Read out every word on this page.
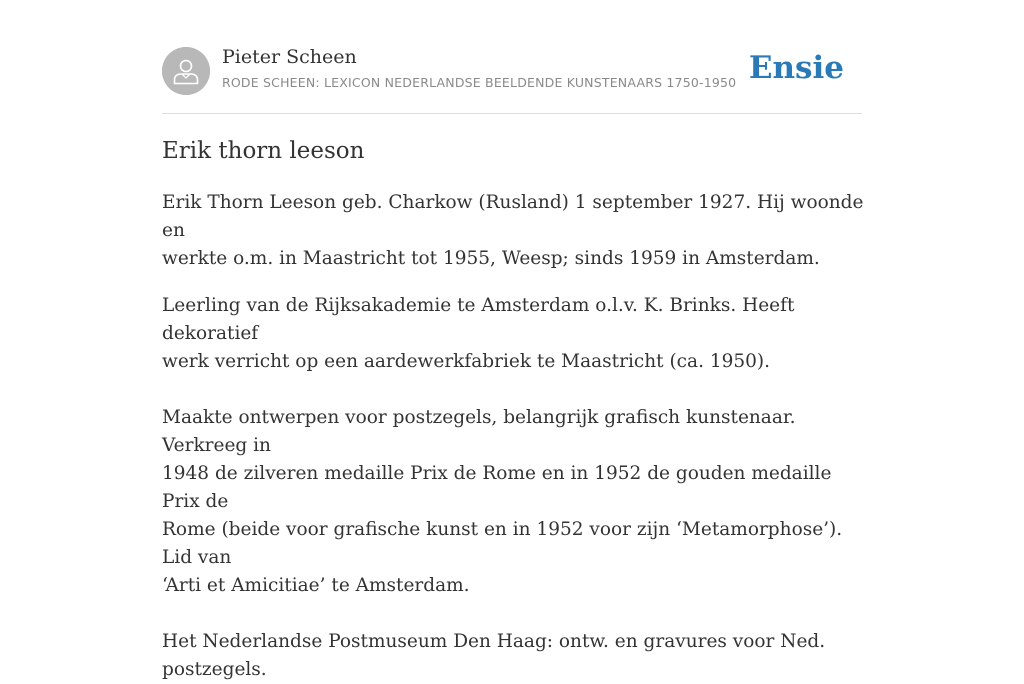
Pieter Scheen
RODE SCHEEN: LEXICON NEDERLANDSE BEELDENDE KUNSTENAARS 1750-1950 Ensie
Erik thorn leeson

Erik Thorn Leeson geb. Charkow (Rusland) 1 september 1927. Hij woonde en
werkte o.m. in Maastricht tot 1955, Weesp; sinds 1959 in Amsterdam.

Leerling van de Rijksakademie te Amsterdam o.l.v. K. Brinks. Heeft dekoratief
werk verricht op een aardewerkfabriek te Maastricht (ca. 1950).

Maakte ontwerpen voor postzegels, belangrijk grafisch kunstenaar. Verkreeg in
1948 de zilveren medaille Prix de Rome en in 1952 de gouden medaille Prix de
Rome (beide voor grafische kunst en in 1952 voor zijn ‘Metamorphose’). Lid van
‘Arti et Amicitiae’ te Amsterdam.

Het Nederlandse Postmuseum Den Haag: ontw. en gravures voor Ned. postzegels.
